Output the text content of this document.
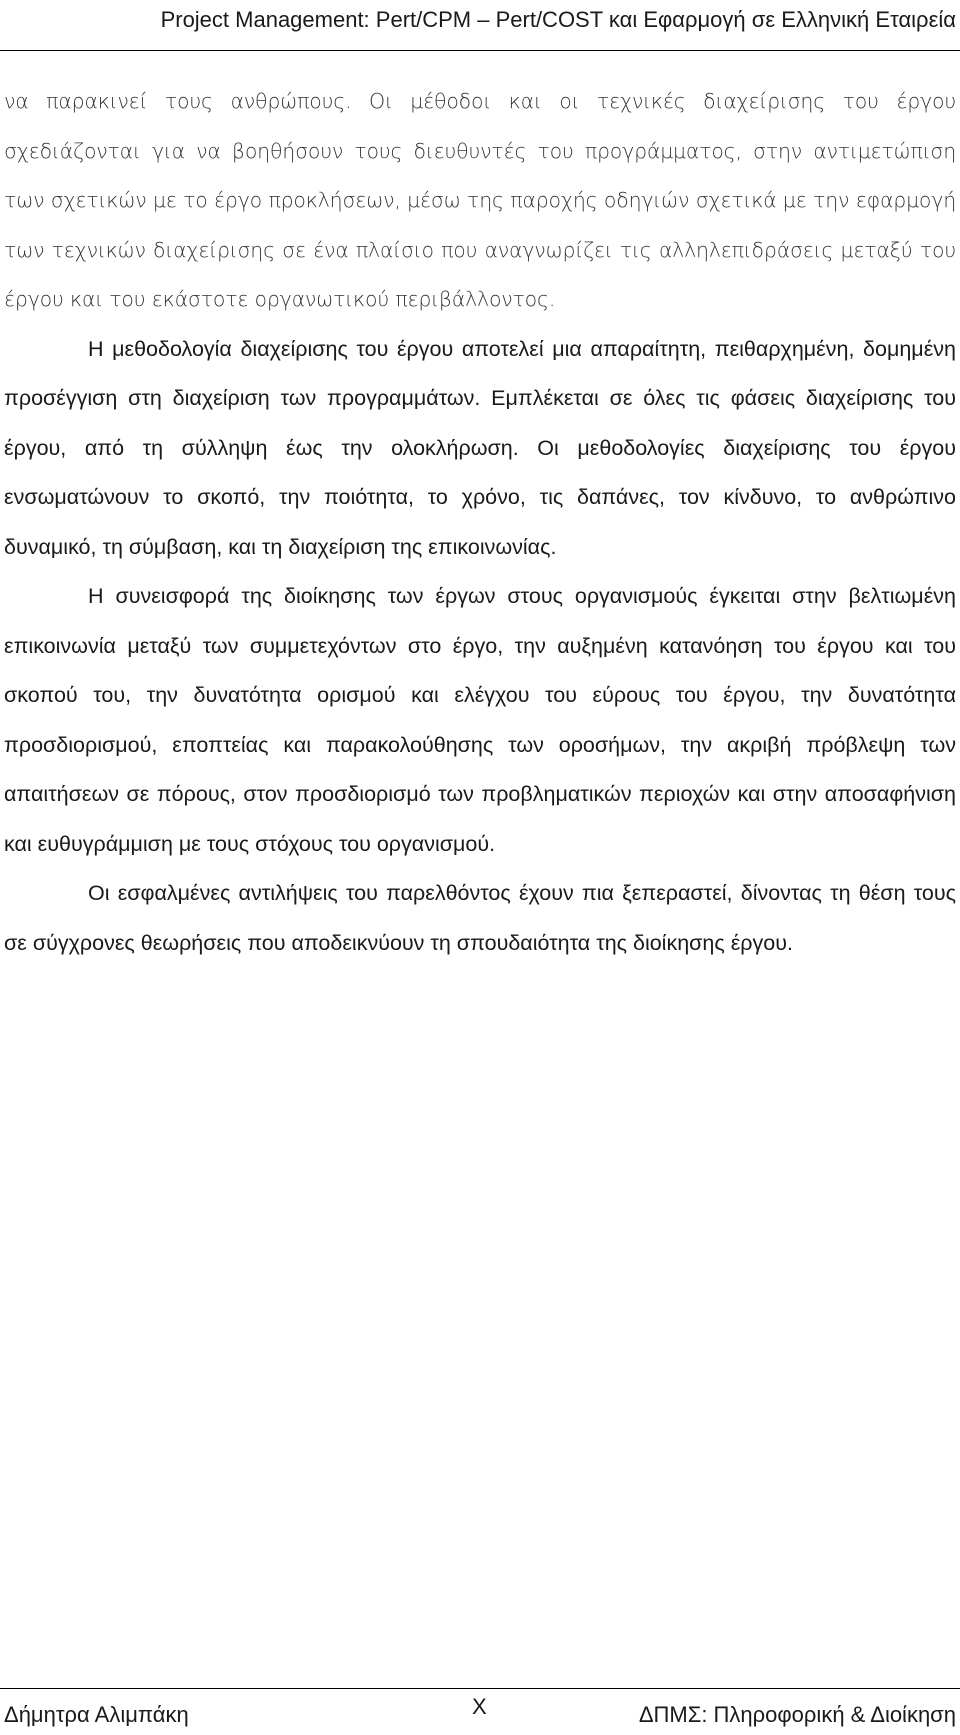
Project Management: Pert/CPM – Pert/COST και Εφαρμογή σε Ελληνική Εταιρεία

να παρακινεί τους ανθρώπους. Οι μέθοδοι και οι τεχνικές διαχείρισης του έργου σχεδιάζονται για να βοηθήσουν τους διευθυντές του προγράμματος, στην αντιμετώπιση των σχετικών με το έργο προκλήσεων, μέσω της παροχής οδηγιών σχετικά με την εφαρμογή των τεχνικών διαχείρισης σε ένα πλαίσιο που αναγνωρίζει τις αλληλεπιδράσεις μεταξύ του έργου και του εκάστοτε οργανωτικού περιβάλλοντος.

Η μεθοδολογία διαχείρισης του έργου αποτελεί μια απαραίτητη, πειθαρχημένη, δομημένη προσέγγιση στη διαχείριση των προγραμμάτων. Εμπλέκεται σε όλες τις φάσεις διαχείρισης του έργου, από τη σύλληψη έως την ολοκλήρωση. Οι μεθοδολογίες διαχείρισης του έργου ενσωματώνουν το σκοπό, την ποιότητα, το χρόνο, τις δαπάνες, τον κίνδυνο, το ανθρώπινο δυναμικό, τη σύμβαση, και τη διαχείριση της επικοινωνίας.

Η συνεισφορά της διοίκησης των έργων στους οργανισμούς έγκειται στην βελτιωμένη επικοινωνία μεταξύ των συμμετεχόντων στο έργο, την αυξημένη κατανόηση του έργου και του σκοπού του, την δυνατότητα ορισμού και ελέγχου του εύρους του έργου, την δυνατότητα προσδιορισμού, εποπτείας και παρακολούθησης των οροσήμων, την ακριβή πρόβλεψη των απαιτήσεων σε πόρους, στον προσδιορισμό των προβληματικών περιοχών και στην αποσαφήνιση και ευθυγράμμιση με τους στόχους του οργανισμού.

Οι εσφαλμένες αντιλήψεις του παρελθόντος έχουν πια ξεπεραστεί, δίνοντας τη θέση τους σε σύγχρονες θεωρήσεις που αποδεικνύουν τη σπουδαιότητα της διοίκησης έργου.

Δήμητρα Αλιμπάκη	X	ΔΠΜΣ: Πληροφορική & Διοίκηση
